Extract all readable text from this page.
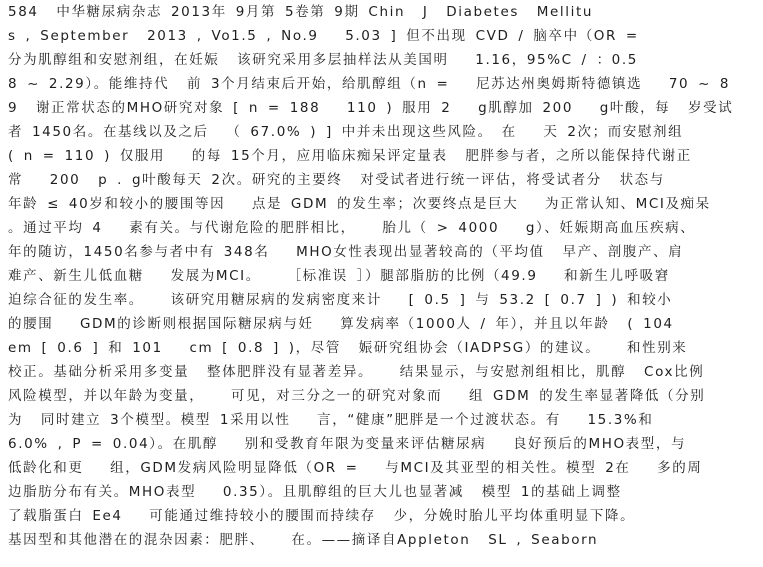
584  中华糖尿病杂志 2013年 9月第 5卷第 9期 Chin  J  Diabetes  Mellitu
s , September  2013 , Vo1.5 , No.9   5.03 ] 但不出现 CVD / 脑卒中（OR =
分为肌醇组和安慰剂组，在妊娠  该研究采用多层抽样法从美国明   1.16，95%C / ：0.5
8 ~ 2.29）。能维持代  前 3个月结束后开始，给肌醇组（n =   尼苏达州奥姆斯特德镇选   70 ~ 8
9  谢正常状态的MHO研究对象 [ n = 188   110 ) 服用 2   g肌醇加 200   g叶酸，每  岁受试
者 1450名。在基线以及之后  （ 67.0% ) ] 中并未出现这些风险。 在   天 2次；而安慰剂组
( n = 110 ) 仅服用   的每 15个月，应用临床痴呆评定量表  肥胖参与者，之所以能保持代谢正
常   200  p . g叶酸每天 2次。研究的主要终  对受试者进行统一评估，将受试者分  状态与
年龄 ≤ 40岁和较小的腰围等因   点是 GDM 的发生率；次要终点是巨大   为正常认知、MCI及痴呆
。通过平均 4   素有关。与代谢危险的肥胖相比，   胎儿（ > 4000   g）、妊娠期高血压疾病、
年的随访，1450名参与者中有 348名   MHO女性表现出显著较高的（平均值  早产、剖腹产、肩
难产、新生儿低血糖   发展为MCI。   ［标准误 ］）腿部脂肪的比例（49.9   和新生儿呼吸窘
迫综合征的发生率。   该研究用糖尿病的发病密度来计   [ 0.5 ] 与 53.2 [ 0.7 ] ) 和较小
的腰围   GDM的诊断则根据国际糖尿病与妊   算发病率（1000人 / 年），并且以年龄  ( 104
em [ 0.6 ] 和 101   cm [ 0.8 ] )，尽管  娠研究组协会（IADPSG）的建议。   和性别来
校正。基础分析采用多变量  整体肥胖没有显著差异。   结果显示，与安慰剂组相比，肌醇  Cox比例
风险模型，并以年龄为变量，   可见，对三分之一的研究对象而   组 GDM 的发生率显著降低（分别
为  同时建立 3个模型。模型 1采用以性   言，“健康”肥胖是一个过渡状态。有   15.3%和
6.0% , P = 0.04）。在肌醇   别和受教育年限为变量来评估糖尿病   良好预后的MHO表型，与
低龄化和更   组，GDM发病风险明显降低（OR =   与MCI及其亚型的相关性。模型 2在   多的周
边脂肪分布有关。MHO表型   0.35）。且肌醇组的巨大儿也显著减  模型 1的基础上调整
了载脂蛋白 Ee4   可能通过维持较小的腰围而持续存  少，分娩时胎儿平均体重明显下降。
基因型和其他潜在的混杂因素：肥胖、   在。——摘译自Appleton  SL , Seaborn
